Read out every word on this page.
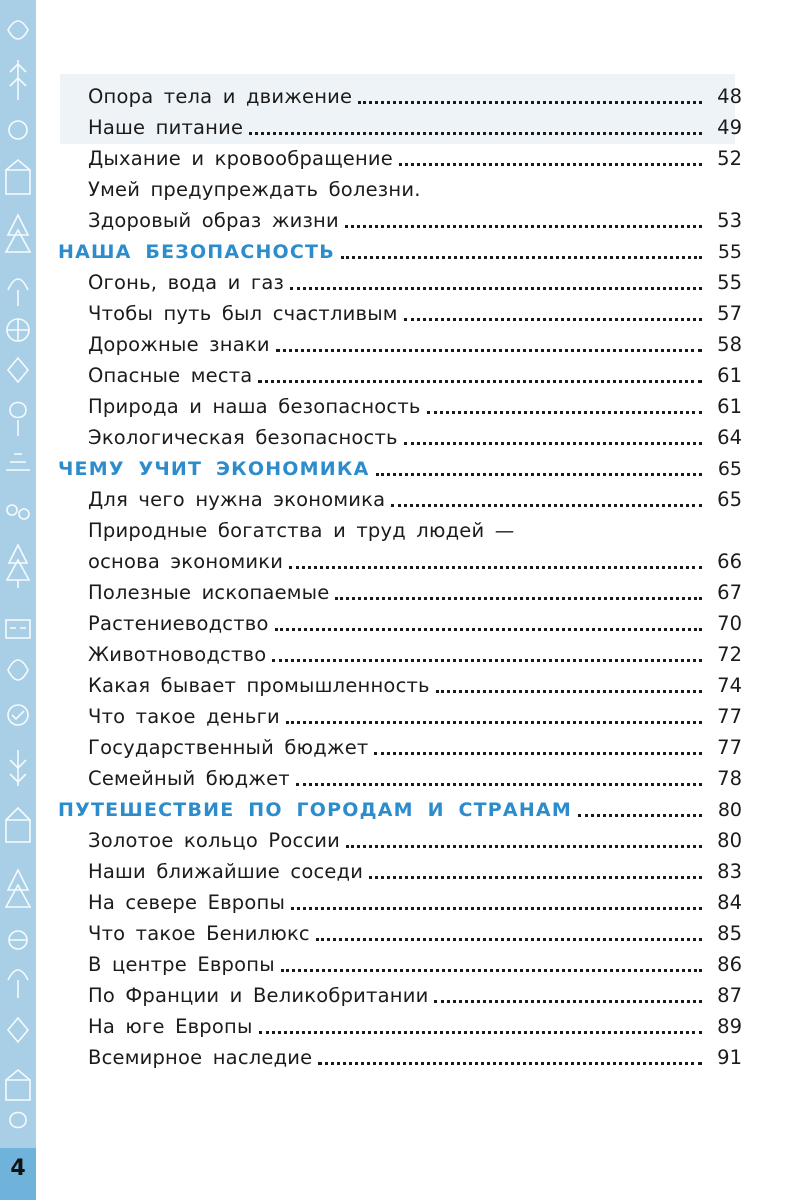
4
Опора тела и движение	48
Наше питание	49
Дыхание и кровообращение	52
Умей предупреждать болезни.
Здоровый образ жизни	53
НАША БЕЗОПАСНОСТЬ	55
Огонь, вода и газ	55
Чтобы путь был счастливым	57
Дорожные знаки	58
Опасные места	61
Природа и наша безопасность	61
Экологическая безопасность	64
ЧЕМУ УЧИТ ЭКОНОМИКА	65
Для чего нужна экономика	65
Природные богатства и труд людей —
основа экономики	66
Полезные ископаемые	67
Растениеводство	70
Животноводство	72
Какая бывает промышленность	74
Что такое деньги	77
Государственный бюджет	77
Семейный бюджет	78
ПУТЕШЕСТВИЕ ПО ГОРОДАМ И СТРАНАМ	80
Золотое кольцо России	80
Наши ближайшие соседи	83
На севере Европы	84
Что такое Бенилюкс	85
В центре Европы	86
По Франции и Великобритании	87
На юге Европы	89
Всемирное наследие	91
